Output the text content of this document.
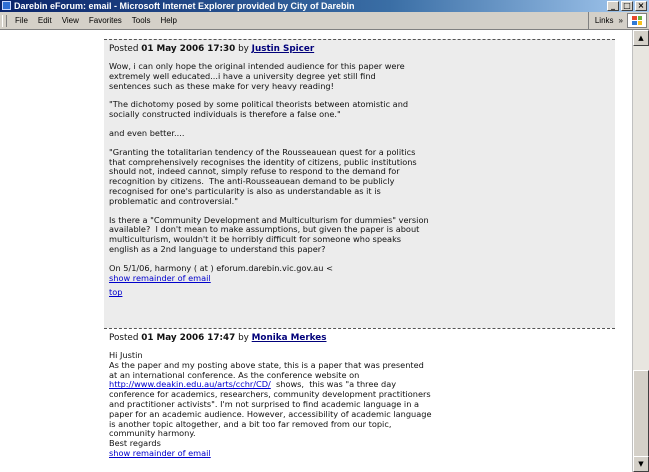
Darebin eForum: email - Microsoft Internet Explorer provided by City of Darebin	_	□ ×
File	Edit	View	Favorites	Tools	Help	Links »
Posted 01 May 2006 17:30 by Justin Spicer
Wow, i can only hope the original intended audience for this paper were
extremely well educated...i have a university degree yet still find
sentences such as these make for very heavy reading!
"The dichotomy posed by some political theorists between atomistic and
socially constructed individuals is therefore a false one."
and even better....
"Granting the totalitarian tendency of the Rousseauean quest for a politics
that comprehensively recognises the identity of citizens, public institutions
should not, indeed cannot, simply refuse to respond to the demand for
recognition by citizens.  The anti-Rousseauean demand to be publicly
recognised for one's particularity is also as understandable as it is
problematic and controversial."
Is there a "Community Development and Multiculturism for dummies" version
available?  I don't mean to make assumptions, but given the paper is about
multiculturism, wouldn't it be horribly difficult for someone who speaks
english as a 2nd language to understand this paper?
On 5/1/06, harmony ( at ) eforum.darebin.vic.gov.au <
show remainder of email
top
Posted 01 May 2006 17:47 by Monika Merkes
Hi Justin
As the paper and my posting above state, this is a paper that was presented
at an international conference. As the conference website on
http://www.deakin.edu.au/arts/cchr/CD/  shows,  this was "a three day
conference for academics, researchers, community development practitioners
and practitioner activists". I'm not surprised to find academic language in a
paper for an academic audience. However, accessibility of academic language
is another topic altogether, and a bit too far removed from our topic,
community harmony.
Best regards
show remainder of email
▲
▼
